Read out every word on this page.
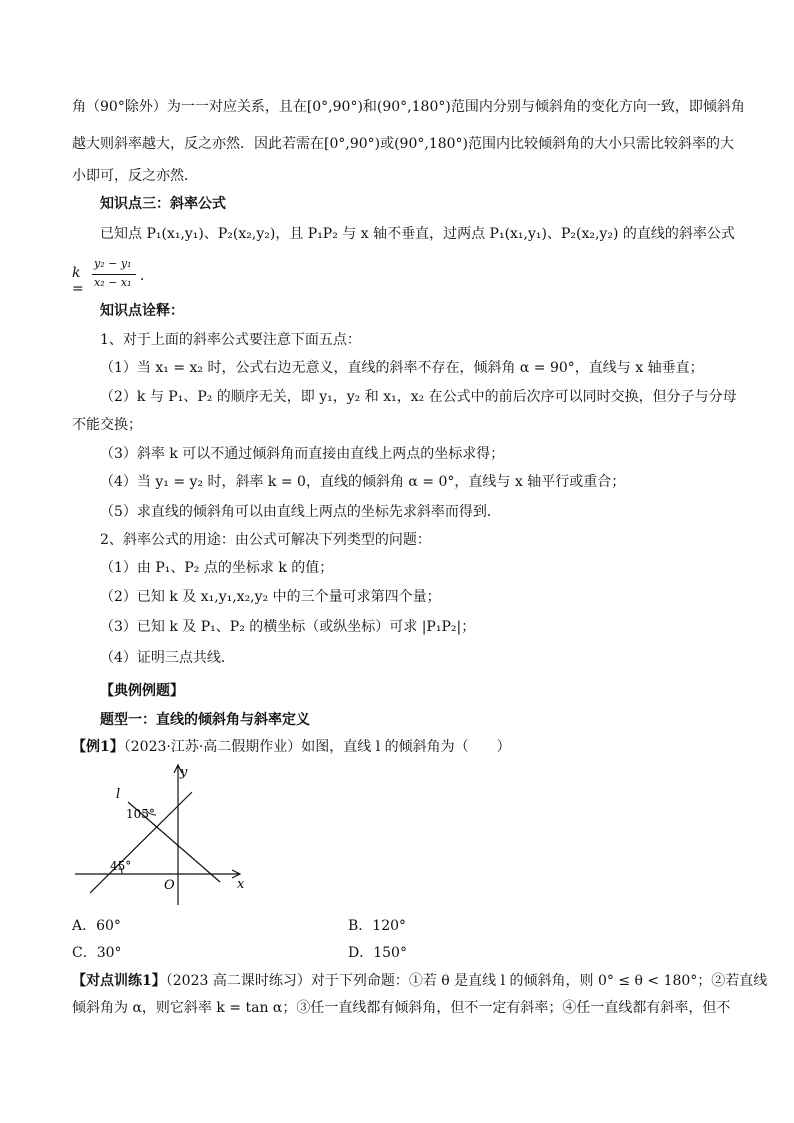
角（90°除外）为一一对应关系，且在[0°,90°)和(90°,180°)范围内分别与倾斜角的变化方向一致，即倾斜角
越大则斜率越大，反之亦然．因此若需在[0°,90°)或(90°,180°)范围内比较倾斜角的大小只需比较斜率的大
小即可，反之亦然．
知识点三：斜率公式
已知点 P₁(x₁,y₁)、P₂(x₂,y₂)，且 P₁P₂ 与 x 轴不垂直，过两点 P₁(x₁,y₁)、P₂(x₂,y₂) 的直线的斜率公式
k =
y₂ − y₁
x₂ − x₁ ．
知识点诠释：
1、对于上面的斜率公式要注意下面五点：
（1）当 x₁ = x₂ 时，公式右边无意义，直线的斜率不存在，倾斜角 α = 90°，直线与 x 轴垂直；
（2）k 与 P₁、P₂ 的顺序无关，即 y₁，y₂ 和 x₁，x₂ 在公式中的前后次序可以同时交换，但分子与分母
不能交换；
（3）斜率 k 可以不通过倾斜角而直接由直线上两点的坐标求得；
（4）当 y₁ = y₂ 时，斜率 k = 0，直线的倾斜角 α = 0°，直线与 x 轴平行或重合；
（5）求直线的倾斜角可以由直线上两点的坐标先求斜率而得到．
2、斜率公式的用途：由公式可解决下列类型的问题：
（1）由 P₁、P₂ 点的坐标求 k 的值；
（2）已知 k 及 x₁,y₁,x₂,y₂ 中的三个量可求第四个量；
（3）已知 k 及 P₁、P₂ 的横坐标（或纵坐标）可求 |P₁P₂|；
（4）证明三点共线．
【典例例题】
题型一：直线的倾斜角与斜率定义
【例1】（2023·江苏·高二假期作业）如图，直线 l 的倾斜角为（　　）
y
x
O
l
105°
45°
A．60°	B．120°
C．30°	D．150°
【对点训练1】（2023 高二课时练习）对于下列命题：①若 θ 是直线 l 的倾斜角，则 0° ≤ θ < 180°；②若直线
倾斜角为 α，则它斜率 k = tan α；③任一直线都有倾斜角，但不一定有斜率；④任一直线都有斜率，但不
